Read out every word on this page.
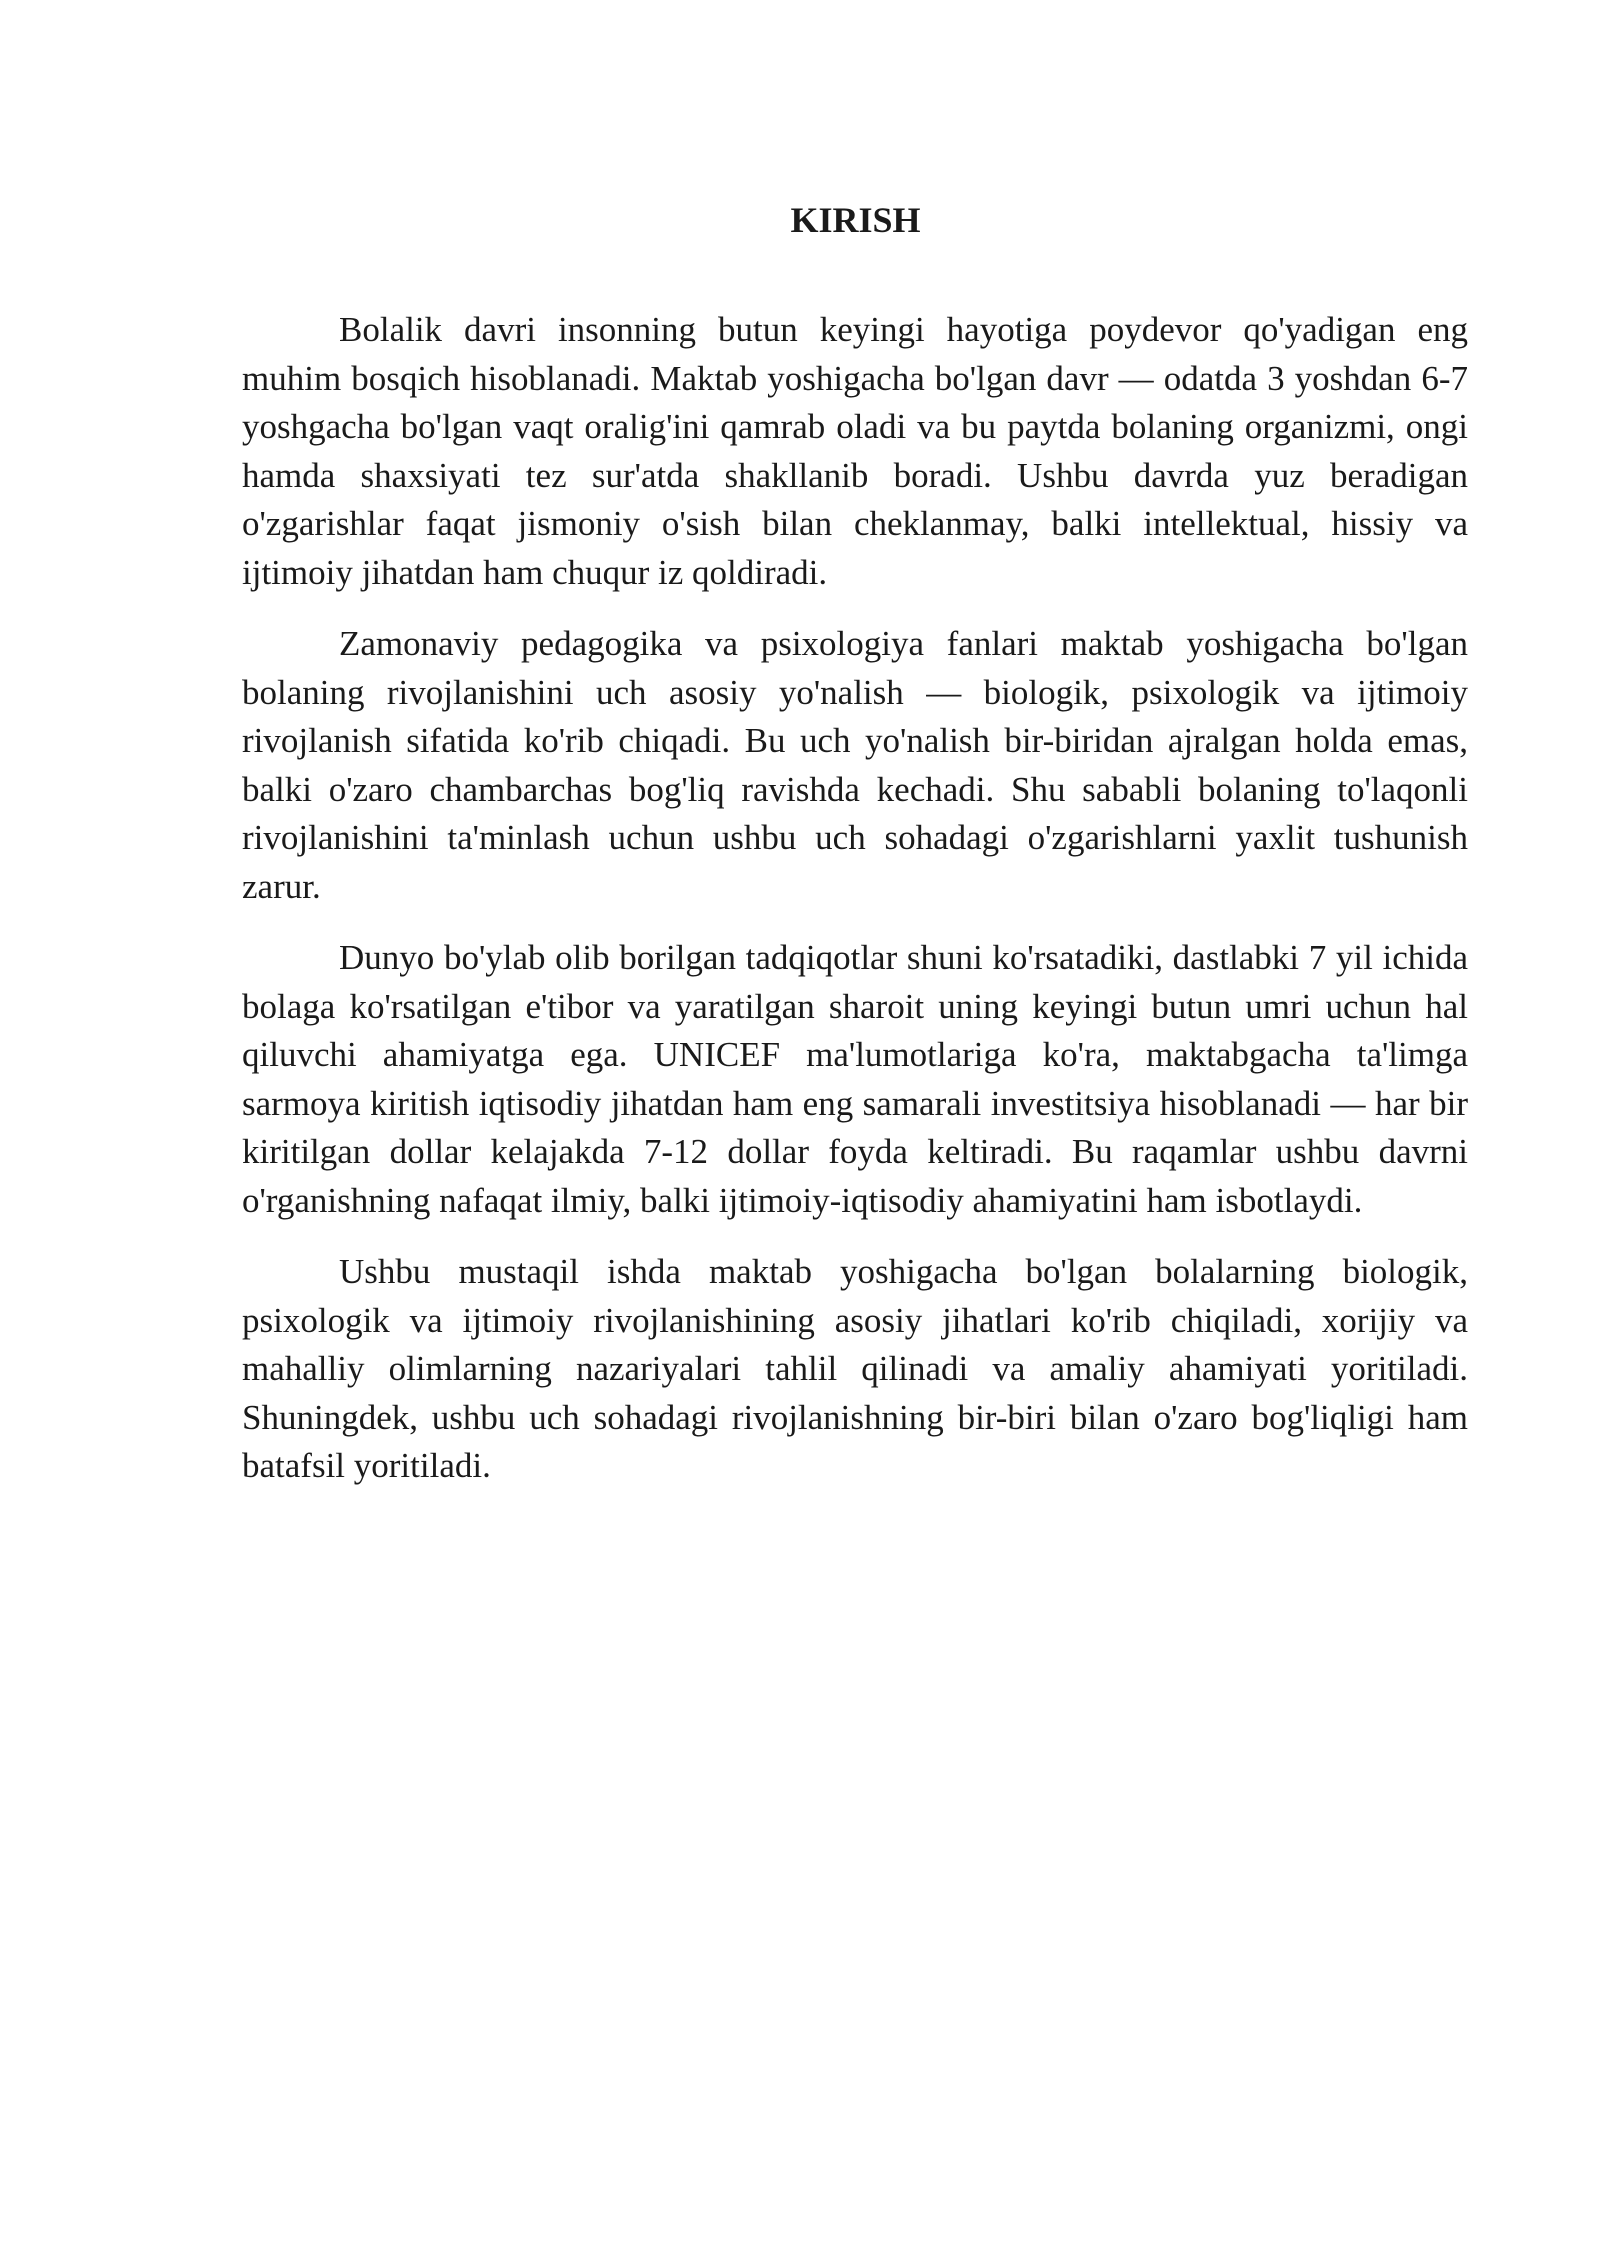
KIRISH

Bolalik davri insonning butun keyingi hayotiga poydevor qo'yadigan eng muhim bosqich hisoblanadi. Maktab yoshigacha bo'lgan davr — odatda 3 yoshdan 6-7 yoshgacha bo'lgan vaqt oralig'ini qamrab oladi va bu paytda bolaning organizmi, ongi hamda shaxsiyati tez sur'atda shakllanib boradi. Ushbu davrda yuz beradigan o'zgarishlar faqat jismoniy o'sish bilan cheklanmay, balki intellektual, hissiy va ijtimoiy jihatdan ham chuqur iz qoldiradi.

Zamonaviy pedagogika va psixologiya fanlari maktab yoshigacha bo'lgan bolaning rivojlanishini uch asosiy yo'nalish — biologik, psixologik va ijtimoiy rivojlanish sifatida ko'rib chiqadi. Bu uch yo'nalish bir-biridan ajralgan holda emas, balki o'zaro chambarchas bog'liq ravishda kechadi. Shu sababli bolaning to'laqonli rivojlanishini ta'minlash uchun ushbu uch sohadagi o'zgarishlarni yaxlit tushunish zarur.

Dunyo bo'ylab olib borilgan tadqiqotlar shuni ko'rsatadiki, dastlabki 7 yil ichida bolaga ko'rsatilgan e'tibor va yaratilgan sharoit uning keyingi butun umri uchun hal qiluvchi ahamiyatga ega. UNICEF ma'lumotlariga ko'ra, maktabgacha ta'limga sarmoya kiritish iqtisodiy jihatdan ham eng samarali investitsiya hisoblanadi — har bir kiritilgan dollar kelajakda 7-12 dollar foyda keltiradi. Bu raqamlar ushbu davrni o'rganishning nafaqat ilmiy, balki ijtimoiy-iqtisodiy ahamiyatini ham isbotlaydi.

Ushbu mustaqil ishda maktab yoshigacha bo'lgan bolalarning biologik, psixologik va ijtimoiy rivojlanishining asosiy jihatlari ko'rib chiqiladi, xorijiy va mahalliy olimlarning nazariyalari tahlil qilinadi va amaliy ahamiyati yoritiladi. Shuningdek, ushbu uch sohadagi rivojlanishning bir-biri bilan o'zaro bog'liqligi ham batafsil yoritiladi.
